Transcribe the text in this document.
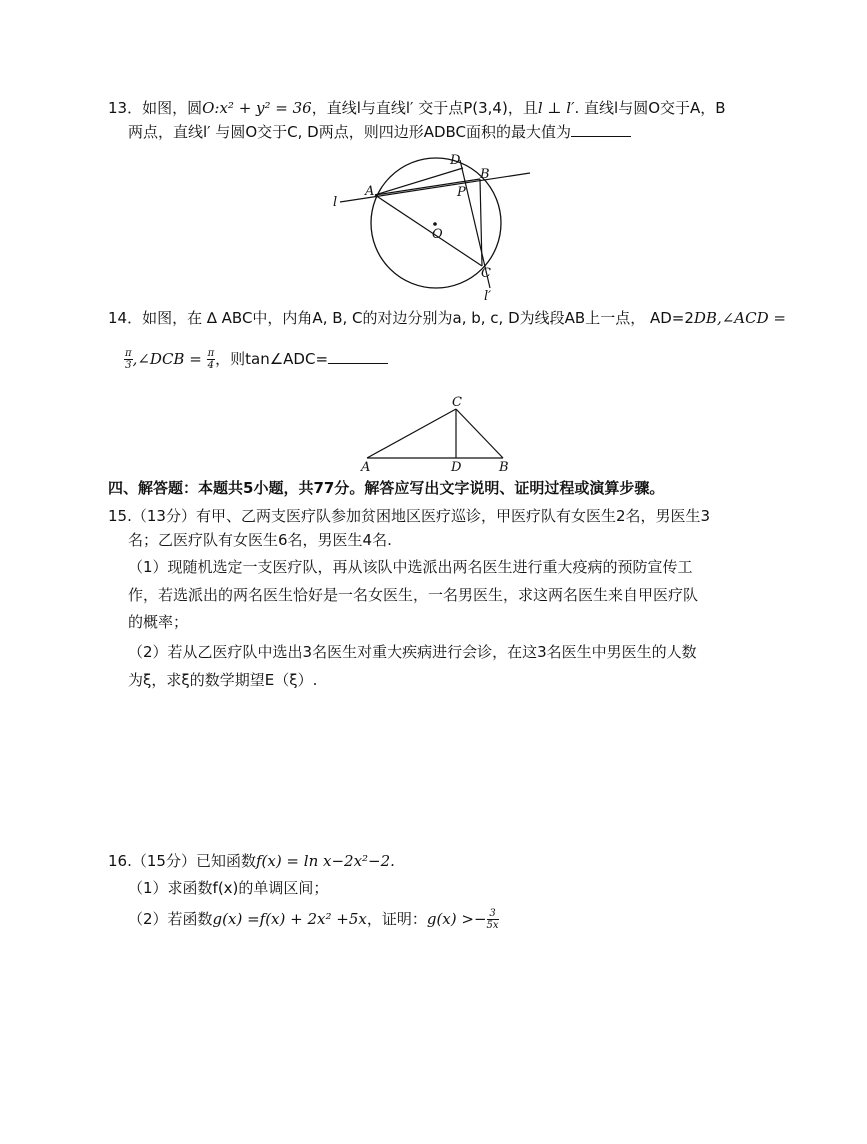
13．如图，圆O:x² + y² = 36，直线l与直线l′ 交于点P(3,4)，且l ⊥ l′. 直线l与圆O交于A，B
两点，直线l′ 与圆O交于C, D两点，则四边形ADBC面积的最大值为
A
B
C
D
P
O
l
l′
14．如图，在 ∆ ABC中，内角A, B, C的对边分别为a, b, c, D为线段AB上一点， AD=2DB,∠ACD =
$\frac{\pi}{3}$ ,∠DCB = $\frac{\pi}{4}$ ，则tan∠ADC=
C
A	D	B
四、解答题：本题共5小题，共77分。解答应写出文字说明、证明过程或演算步骤。
15.（13分）有甲、乙两支医疗队参加贫困地区医疗巡诊，甲医疗队有女医生2名，男医生3
名；乙医疗队有女医生6名，男医生4名.
（1）现随机选定一支医疗队，再从该队中选派出两名医生进行重大疫病的预防宣传工
作，若选派出的两名医生恰好是一名女医生，一名男医生，求这两名医生来自甲医疗队
的概率；
（2）若从乙医疗队中选出3名医生对重大疾病进行会诊，在这3名医生中男医生的人数
为ξ，求ξ的数学期望E（ξ）.
16.（15分）已知函数f(x) = ln x−2x²−2.
（1）求函数f(x)的单调区间；
（2）若函数g(x) =f(x) + 2x² +5x，证明：$g(x) >- \frac{3}{5x}$
